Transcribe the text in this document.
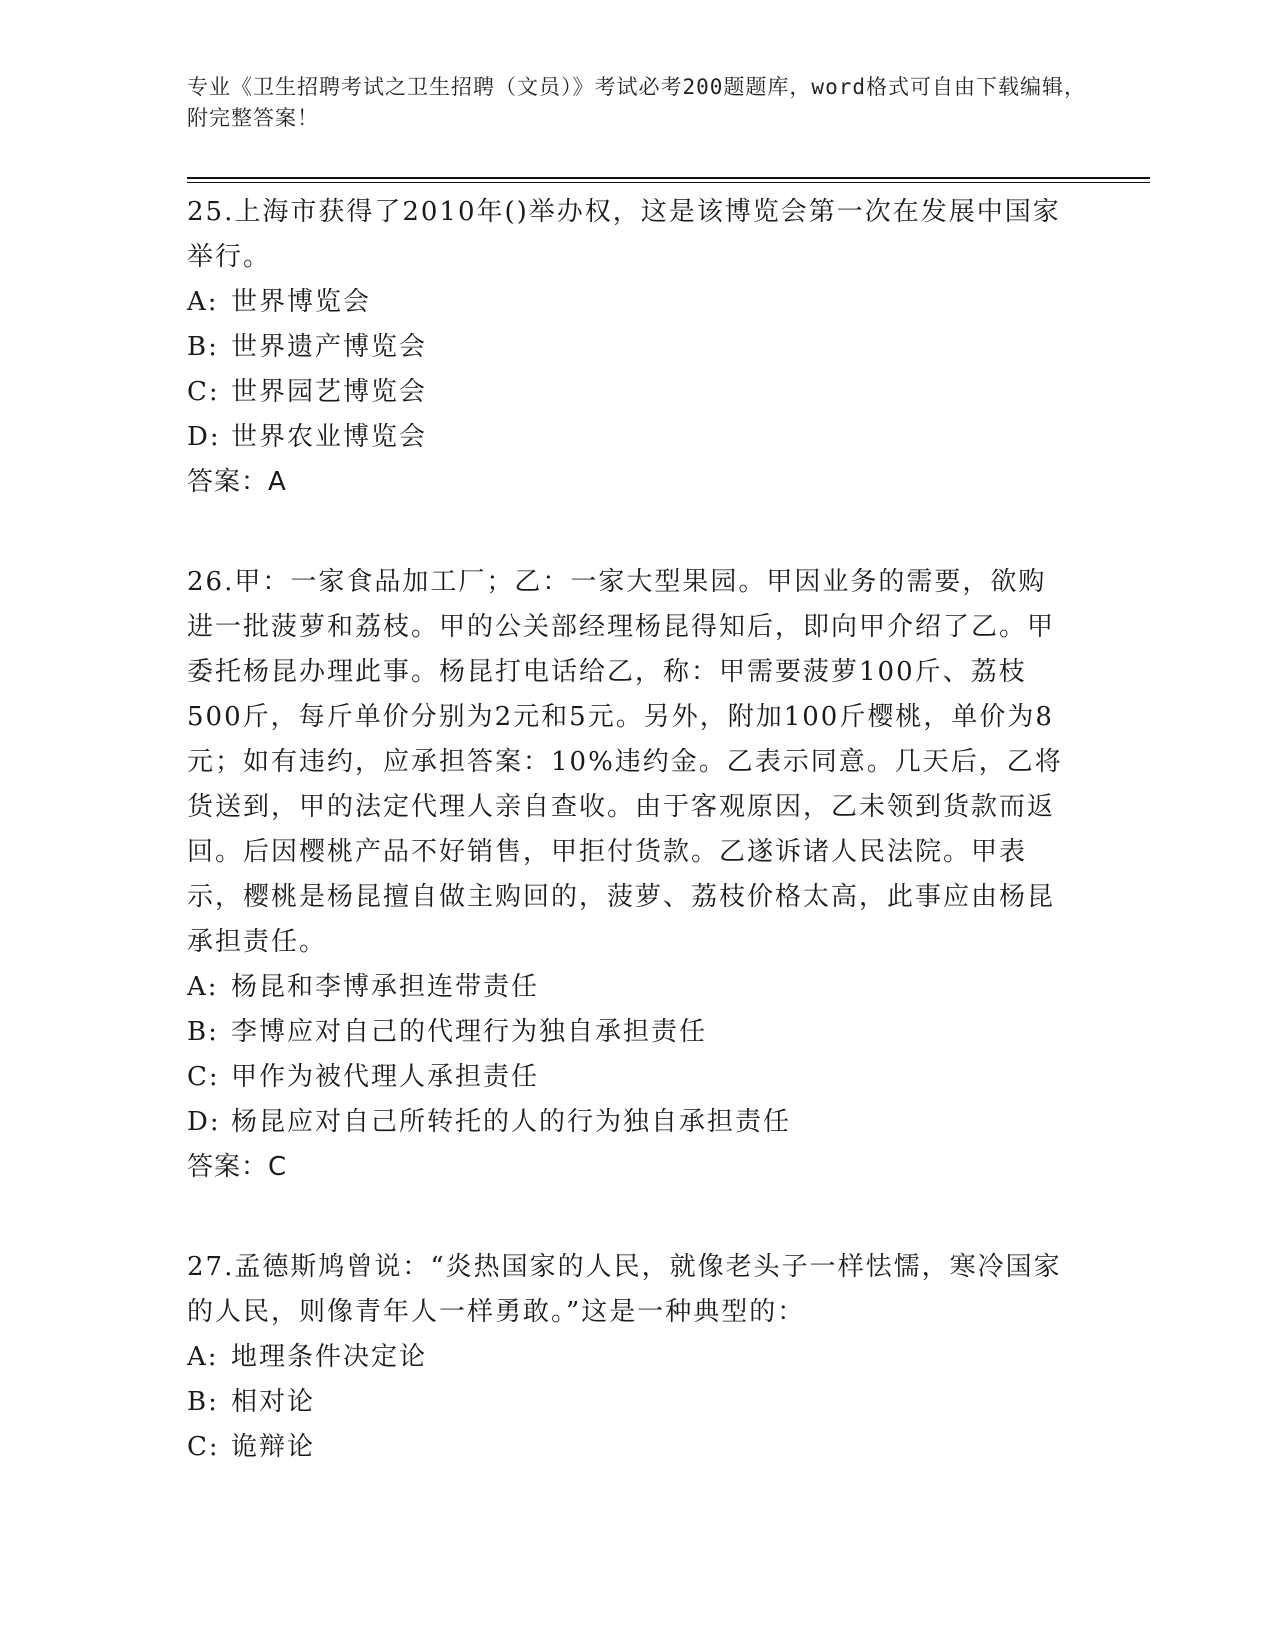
专业《卫生招聘考试之卫生招聘（文员）》考试必考200题题库，word格式可自由下载编辑，附完整答案！

25.上海市获得了2010年()举办权，这是该博览会第一次在发展中国家举行。

A: 世界博览会

B: 世界遗产博览会

C: 世界园艺博览会

D: 世界农业博览会

答案：A

26.甲：一家食品加工厂；乙：一家大型果园。甲因业务的需要，欲购进一批菠萝和荔枝。甲的公关部经理杨昆得知后，即向甲介绍了乙。甲委托杨昆办理此事。杨昆打电话给乙，称：甲需要菠萝100斤、荔枝500斤，每斤单价分别为2元和5元。另外，附加100斤樱桃，单价为8元；如有违约，应承担答案：10%违约金。乙表示同意。几天后，乙将货送到，甲的法定代理人亲自查收。由于客观原因，乙未领到货款而返回。后因樱桃产品不好销售，甲拒付货款。乙遂诉诸人民法院。甲表示，樱桃是杨昆擅自做主购回的，菠萝、荔枝价格太高，此事应由杨昆承担责任。

A: 杨昆和李博承担连带责任

B: 李博应对自己的代理行为独自承担责任

C: 甲作为被代理人承担责任

D: 杨昆应对自己所转托的人的行为独自承担责任

答案：C

27.孟德斯鸠曾说：“炎热国家的人民，就像老头子一样怯懦，寒冷国家的人民，则像青年人一样勇敢。”这是一种典型的：

A: 地理条件决定论

B: 相对论

C: 诡辩论
